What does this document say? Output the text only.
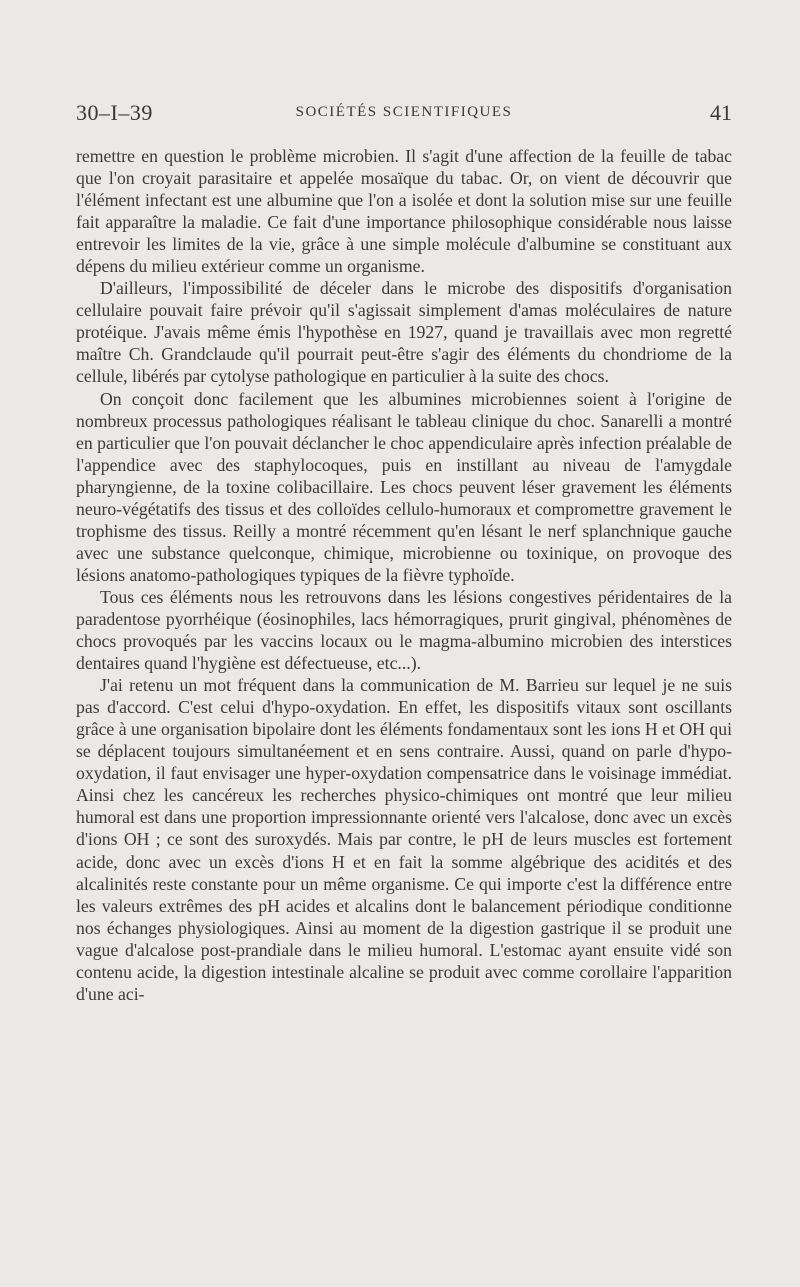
30–I–39	SOCIÉTÉS SCIENTIFIQUES	41

remettre en question le problème microbien. Il s'agit d'une affection de la feuille de tabac que l'on croyait parasitaire et appelée mosaïque du tabac. Or, on vient de découvrir que l'élément infectant est une albumine que l'on a isolée et dont la solution mise sur une feuille fait apparaître la maladie. Ce fait d'une importance philosophique considérable nous laisse entrevoir les limites de la vie, grâce à une simple molécule d'albumine se constituant aux dépens du milieu extérieur comme un organisme.

D'ailleurs, l'impossibilité de déceler dans le microbe des dispositifs d'organisation cellulaire pouvait faire prévoir qu'il s'agissait simplement d'amas moléculaires de nature protéique. J'avais même émis l'hypothèse en 1927, quand je travaillais avec mon regretté maître Ch. Grandclaude qu'il pourrait peut-être s'agir des éléments du chondriome de la cellule, libérés par cytolyse pathologique en particulier à la suite des chocs.

On conçoit donc facilement que les albumines microbiennes soient à l'origine de nombreux processus pathologiques réalisant le tableau clinique du choc. Sanarelli a montré en particulier que l'on pouvait déclancher le choc appendiculaire après infection préalable de l'appendice avec des staphylocoques, puis en instillant au niveau de l'amygdale pharyngienne, de la toxine colibacillaire. Les chocs peuvent léser gravement les éléments neuro-végétatifs des tissus et des colloïdes cellulo-humoraux et compromettre gravement le trophisme des tissus. Reilly a montré récemment qu'en lésant le nerf splanchnique gauche avec une substance quelconque, chimique, microbienne ou toxinique, on provoque des lésions anatomo-pathologiques typiques de la fièvre typhoïde.

Tous ces éléments nous les retrouvons dans les lésions congestives péridentaires de la paradentose pyorrhéique (éosinophiles, lacs hémorragiques, prurit gingival, phénomènes de chocs provoqués par les vaccins locaux ou le magma-albumino microbien des interstices dentaires quand l'hygiène est défectueuse, etc...).

J'ai retenu un mot fréquent dans la communication de M. Barrieu sur lequel je ne suis pas d'accord. C'est celui d'hypo-oxydation. En effet, les dispositifs vitaux sont oscillants grâce à une organisation bipolaire dont les éléments fondamentaux sont les ions H et OH qui se déplacent toujours simultanéement et en sens contraire. Aussi, quand on parle d'hypo-oxydation, il faut envisager une hyper-oxydation compensatrice dans le voisinage immédiat. Ainsi chez les cancéreux les recherches physico-chimiques ont montré que leur milieu humoral est dans une proportion impressionnante orienté vers l'alcalose, donc avec un excès d'ions OH ; ce sont des suroxydés. Mais par contre, le pH de leurs muscles est fortement acide, donc avec un excès d'ions H et en fait la somme algébrique des acidités et des alcalinités reste constante pour un même organisme. Ce qui importe c'est la différence entre les valeurs extrêmes des pH acides et alcalins dont le balancement périodique conditionne nos échanges physiologiques. Ainsi au moment de la digestion gastrique il se produit une vague d'alcalose post-prandiale dans le milieu humoral. L'estomac ayant ensuite vidé son contenu acide, la digestion intestinale alcaline se produit avec comme corollaire l'apparition d'une aci-
